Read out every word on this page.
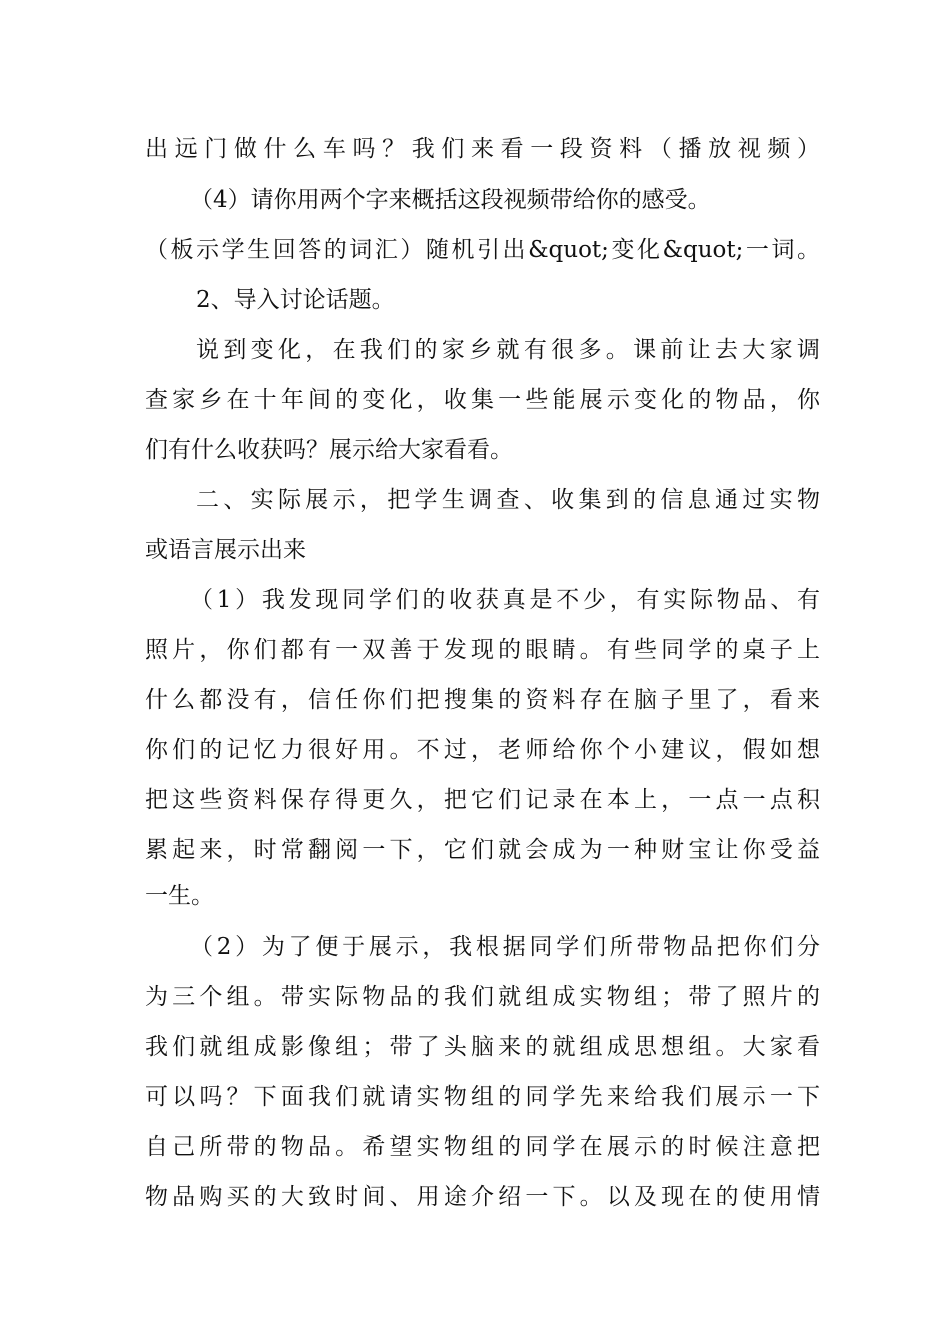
出远门做什么车吗？我们来看一段资料（播放视频）
（4）请你用两个字来概括这段视频带给你的感受。
（板示学生回答的词汇）随机引出&quot;变化&quot;一词。
2、导入讨论话题。
说到变化，在我们的家乡就有很多。课前让去大家调
查家乡在十年间的变化，收集一些能展示变化的物品，你
们有什么收获吗？展示给大家看看。
二、实际展示，把学生调查、收集到的信息通过实物
或语言展示出来
（1）我发现同学们的收获真是不少，有实际物品、有
照片，你们都有一双善于发现的眼睛。有些同学的桌子上
什么都没有，信任你们把搜集的资料存在脑子里了，看来
你们的记忆力很好用。不过，老师给你个小建议，假如想
把这些资料保存得更久，把它们记录在本上，一点一点积
累起来，时常翻阅一下，它们就会成为一种财宝让你受益
一生。
（2）为了便于展示，我根据同学们所带物品把你们分
为三个组。带实际物品的我们就组成实物组；带了照片的
我们就组成影像组；带了头脑来的就组成思想组。大家看
可以吗？下面我们就请实物组的同学先来给我们展示一下
自己所带的物品。希望实物组的同学在展示的时候注意把
物品购买的大致时间、用途介绍一下。以及现在的使用情
